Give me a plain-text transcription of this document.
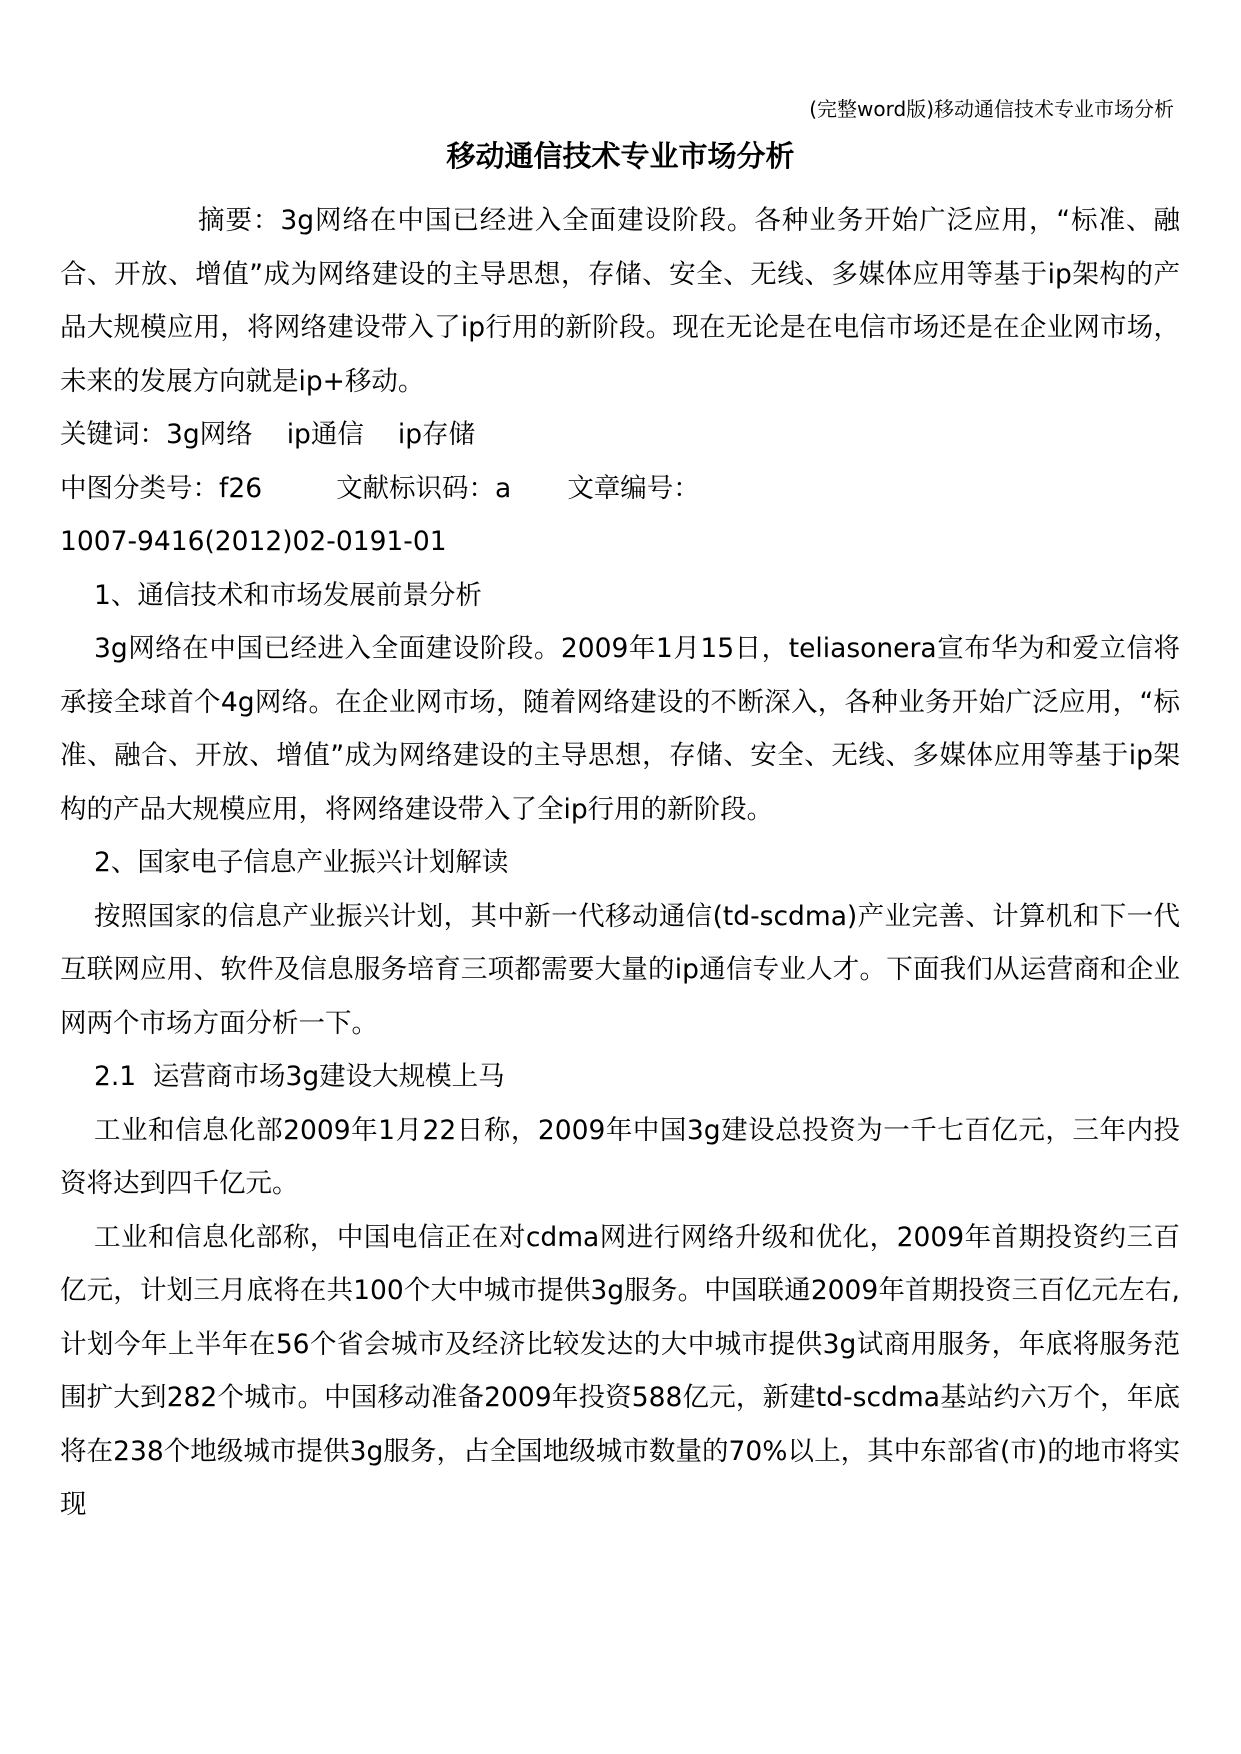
(完整word版)移动通信技术专业市场分析
移动通信技术专业市场分析

摘要：3g网络在中国已经进入全面建设阶段。各种业务开始广泛应用，“标准、融合、开放、增值”成为网络建设的主导思想，存储、安全、无线、多媒体应用等基于ip架构的产品大规模应用，将网络建设带入了ip行用的新阶段。现在无论是在电信市场还是在企业网市场，未来的发展方向就是ip+移动。

关键词：3g网络 ip通信 ip存储

中图分类号：f26	文献标识码：a 文章编号：

1007-9416(2012)02-0191-01

1、通信技术和市场发展前景分析

3g网络在中国已经进入全面建设阶段。2009年1月15日，teliasonera宣布华为和爱立信将承接全球首个4g网络。在企业网市场，随着网络建设的不断深入，各种业务开始广泛应用，“标准、融合、开放、增值”成为网络建设的主导思想，存储、安全、无线、多媒体应用等基于ip架构的产品大规模应用，将网络建设带入了全ip行用的新阶段。

2、国家电子信息产业振兴计划解读

按照国家的信息产业振兴计划，其中新一代移动通信(td-scdma)产业完善、计算机和下一代互联网应用、软件及信息服务培育三项都需要大量的ip通信专业人才。下面我们从运营商和企业网两个市场方面分析一下。

2.1  运营商市场3g建设大规模上马

工业和信息化部2009年1月22日称，2009年中国3g建设总投资为一千七百亿元，三年内投资将达到四千亿元。

工业和信息化部称，中国电信正在对cdma网进行网络升级和优化，2009年首期投资约三百亿元，计划三月底将在共100个大中城市提供3g服务。中国联通2009年首期投资三百亿元左右,计划今年上半年在56个省会城市及经济比较发达的大中城市提供3g试商用服务，年底将服务范围扩大到282个城市。中国移动准备2009年投资588亿元，新建td-scdma基站约六万个，年底将在238个地级城市提供3g服务，占全国地级城市数量的70%以上，其中东部省(市)的地市将实现
